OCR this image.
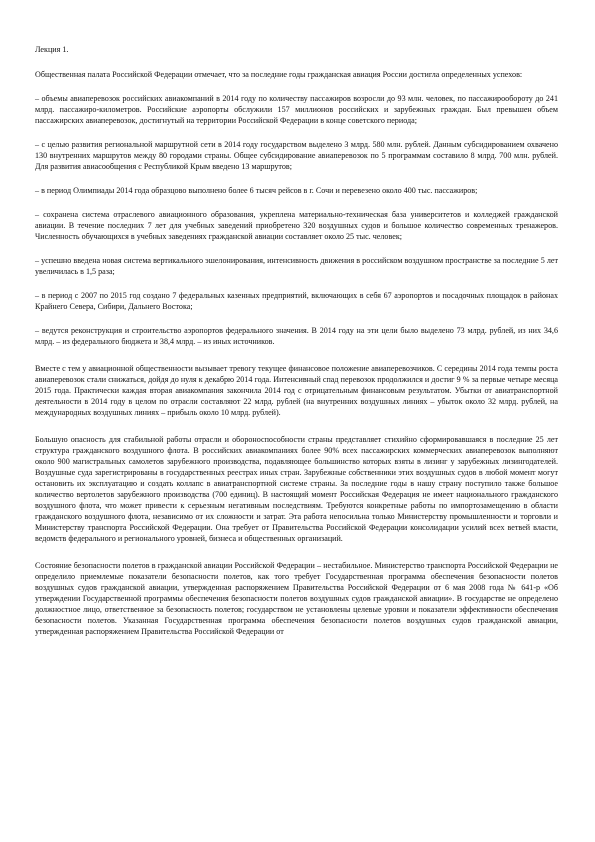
Лекция 1.

Общественная палата Российской Федерации отмечает, что за последние годы гражданская авиация России достигла определенных успехов:

– объемы авиаперевозок российских авиакомпаний в 2014 году по количеству пассажиров возросли до 93 млн. человек, по пассажирообороту до 241 млрд. пассажиро-километров. Российские аэропорты обслужили 157 миллионов российских и зарубежных граждан. Был превышен объем пассажирских авиаперевозок, достигнутый на территории Российской Федерации в конце советского периода;

– с целью развития региональной маршрутной сети в 2014 году государством выделено 3 млрд. 580 млн. рублей. Данным субсидированием охвачено 130 внутренних маршрутов между 80 городами страны. Общее субсидирование авиаперевозок по 5 программам составило 8 млрд. 700 млн. рублей. Для развития авиасообщения с Республикой Крым введено 13 маршрутов;

– в период Олимпиады 2014 года образцово выполнено более 6 тысяч рейсов в г. Сочи и перевезено около 400 тыс. пассажиров;

– сохранена система отраслевого авиационного образования, укреплена материально-техническая база университетов и колледжей гражданской авиации. В течение последних 7 лет для учебных заведений приобретено 320 воздушных судов и большое количество современных тренажеров. Численность обучающихся в учебных заведениях гражданской авиации составляет около 25 тыс. человек;

– успешно введена новая система вертикального эшелонирования, интенсивность движения в российском воздушном пространстве за последние 5 лет увеличилась в 1,5 раза;

– в период с 2007 по 2015 год создано 7 федеральных казенных предприятий, включающих в себя 67 аэропортов и посадочных площадок в районах Крайнего Севера, Сибири, Дальнего Востока;

– ведутся реконструкция и строительство аэропортов федерального значения. В 2014 году на эти цели было выделено 73 млрд. рублей, из них 34,6 млрд. – из федерального бюджета и 38,4 млрд. – из иных источников.

Вместе с тем у авиационной общественности вызывает тревогу текущее финансовое положение авиаперевозчиков. С середины 2014 года темпы роста авиаперевозок стали снижаться, дойдя до нуля к декабрю 2014 года. Интенсивный спад перевозок продолжился и достиг 9 % за первые четыре месяца 2015 года. Практически каждая вторая авиакомпания закончила 2014 год с отрицательным финансовым результатом. Убытки от авиатранспортной деятельности в 2014 году в целом по отрасли составляют 22 млрд. рублей (на внутренних воздушных линиях – убыток около 32 млрд. рублей, на международных воздушных линиях – прибыль около 10 млрд. рублей).

Большую опасность для стабильной работы отрасли и обороноспособности страны представляет стихийно сформировавшаяся в последние 25 лет структура гражданского воздушного флота. В российских авиакомпаниях более 90% всех пассажирских коммерческих авиаперевозок выполняют около 900 магистральных самолетов зарубежного производства, подавляющее большинство которых взяты в лизинг у зарубежных лизингодателей. Воздушные суда зарегистрированы в государственных реестрах иных стран. Зарубежные собственники этих воздушных судов в любой момент могут остановить их эксплуатацию и создать коллапс в авиатранспортной системе страны. За последние годы в нашу страну поступило также большое количество вертолетов зарубежного производства (700 единиц). В настоящий момент Российская Федерация не имеет национального гражданского воздушного флота, что может привести к серьезным негативным последствиям. Требуются конкретные работы по импортозамещению в области гражданского воздушного флота, независимо от их сложности и затрат. Эта работа непосильна только Министерству промышленности и торговли и Министерству транспорта Российской Федерации. Она требует от Правительства Российской Федерации консолидации усилий всех ветвей власти, ведомств федерального и регионального уровней, бизнеса и общественных организаций.

Состояние безопасности полетов в гражданской авиации Российской Федерации – нестабильное. Министерство транспорта Российской Федерации не определило приемлемые показатели безопасности полетов, как того требует Государственная программа обеспечения безопасности полетов воздушных судов гражданской авиации, утвержденная распоряжением Правительства Российской Федерации от 6 мая 2008 года № 641-р «Об утверждении Государственной программы обеспечения безопасности полетов воздушных судов гражданской авиации». В государстве не определено должностное лицо, ответственное за безопасность полетов; государством не установлены целевые уровни и показатели эффективности обеспечения безопасности полетов. Указанная Государственная программа обеспечения безопасности полетов воздушных судов гражданской авиации, утвержденная распоряжением Правительства Российской Федерации от
